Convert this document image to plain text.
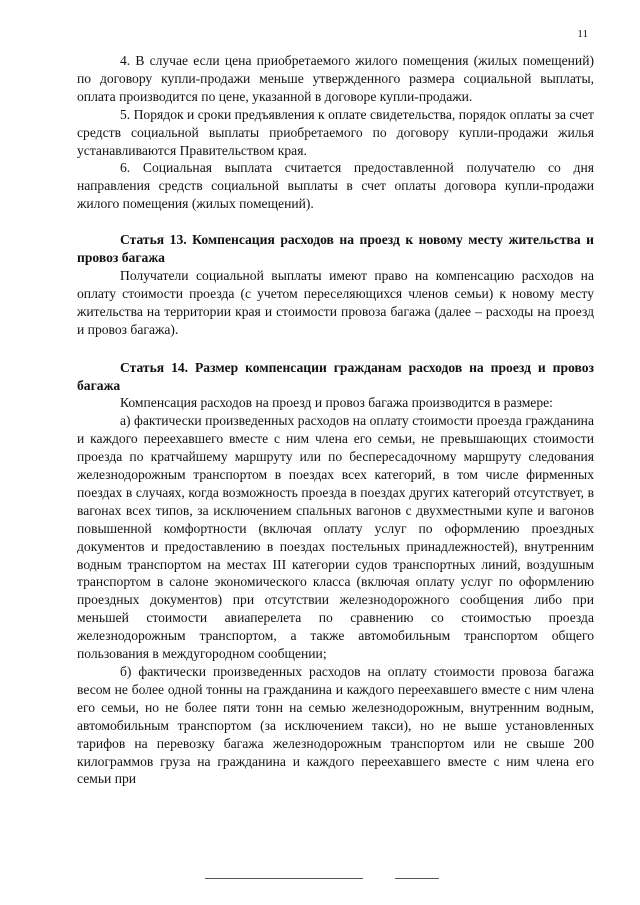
11

4. В случае если цена приобретаемого жилого помещения (жилых помещений) по договору купли-продажи меньше утвержденного размера социальной выплаты, оплата производится по цене, указанной в договоре купли-продажи.

5. Порядок и сроки предъявления к оплате свидетельства, порядок оплаты за счет средств социальной выплаты приобретаемого по договору купли-продажи жилья устанавливаются Правительством края.

6. Социальная выплата считается предоставленной получателю со дня направления средств социальной выплаты в счет оплаты договора купли-продажи жилого помещения (жилых помещений).

Статья 13. Компенсация расходов на проезд к новому месту жительства и провоз багажа

Получатели социальной выплаты имеют право на компенсацию расходов на оплату стоимости проезда (с учетом переселяющихся членов семьи) к новому месту жительства на территории края и стоимости провоза багажа (далее – расходы на проезд и провоз багажа).

Статья 14. Размер компенсации гражданам расходов на проезд и провоз багажа

Компенсация расходов на проезд и провоз багажа производится в размере:

а) фактически произведенных расходов на оплату стоимости проезда гражданина и каждого переехавшего вместе с ним члена его семьи, не превышающих стоимости проезда по кратчайшему маршруту или по беспересадочному маршруту следования железнодорожным транспортом в поездах всех категорий, в том числе фирменных поездах в случаях, когда возможность проезда в поездах других категорий отсутствует, в вагонах всех типов, за исключением спальных вагонов с двухместными купе и вагонов повышенной комфортности (включая оплату услуг по оформлению проездных документов и предоставлению в поездах постельных принадлежностей), внутренним водным транспортом на местах III категории судов транспортных линий, воздушным транспортом в салоне экономического класса (включая оплату услуг по оформлению проездных документов) при отсутствии железнодорожного сообщения либо при меньшей стоимости авиаперелета по сравнению со стоимостью проезда железнодорожным транспортом, а также автомобильным транспортом общего пользования в междугородном сообщении;

б) фактически произведенных расходов на оплату стоимости провоза багажа весом не более одной тонны на гражданина и каждого переехавшего вместе с ним члена его семьи, но не более пяти тонн на семью железнодорожным, внутренним водным, автомобильным транспортом (за исключением такси), но не выше установленных тарифов на перевозку багажа железнодорожным транспортом или не свыше 200 килограммов груза на гражданина и каждого переехавшего вместе с ним члена его семьи при
